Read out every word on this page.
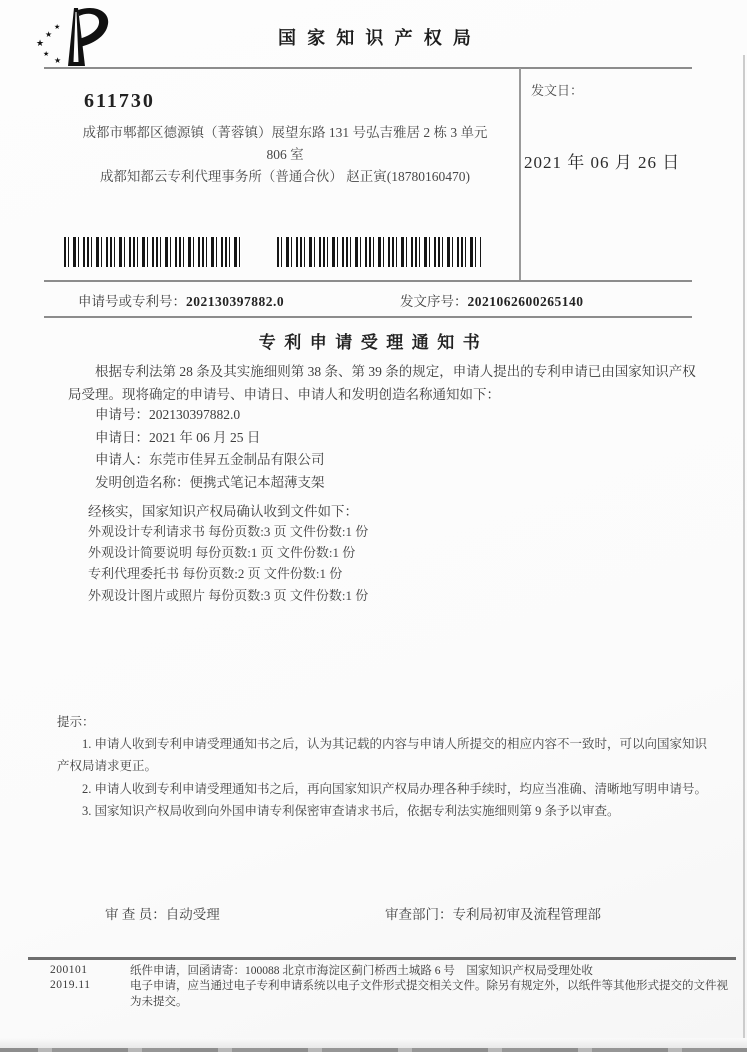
★
★
★
★
★
国家知识产权局
发文日：
2021 年 06 月 26 日
611730
成都市郫都区德源镇（菁蓉镇）展望东路 131 号弘吉雅居 2 栋 3 单元
806 室
成都知都云专利代理事务所（普通合伙） 赵正寅(18780160470)
申请号或专利号：202130397882.0	发文序号：2021062600265140
专利申请受理通知书
根据专利法第 28 条及其实施细则第 38 条、第 39 条的规定，申请人提出的专利申请已由国家知识产权局受理。现将确定的申请号、申请日、申请人和发明创造名称通知如下：
申请号：202130397882.0
申请日：2021 年 06 月 25 日
申请人：东莞市佳昇五金制品有限公司
发明创造名称：便携式笔记本超薄支架
经核实，国家知识产权局确认收到文件如下：
外观设计专利请求书 每份页数:3 页 文件份数:1 份
外观设计简要说明 每份页数:1 页 文件份数:1 份
专利代理委托书 每份页数:2 页 文件份数:1 份
外观设计图片或照片 每份页数:3 页 文件份数:1 份
提示：
1. 申请人收到专利申请受理通知书之后，认为其记载的内容与申请人所提交的相应内容不一致时，可以向国家知识产权局请求更正。
2. 申请人收到专利申请受理通知书之后，再向国家知识产权局办理各种手续时，均应当准确、清晰地写明申请号。
3. 国家知识产权局收到向外国申请专利保密审查请求书后，依据专利法实施细则第 9 条予以审查。
审 查 员：自动受理	审查部门：专利局初审及流程管理部
200101
2019.11
纸件申请，回函请寄：100088 北京市海淀区蓟门桥西土城路 6 号　国家知识产权局受理处收
电子申请，应当通过电子专利申请系统以电子文件形式提交相关文件。除另有规定外，以纸件等其他形式提交的文件视为未提交。
